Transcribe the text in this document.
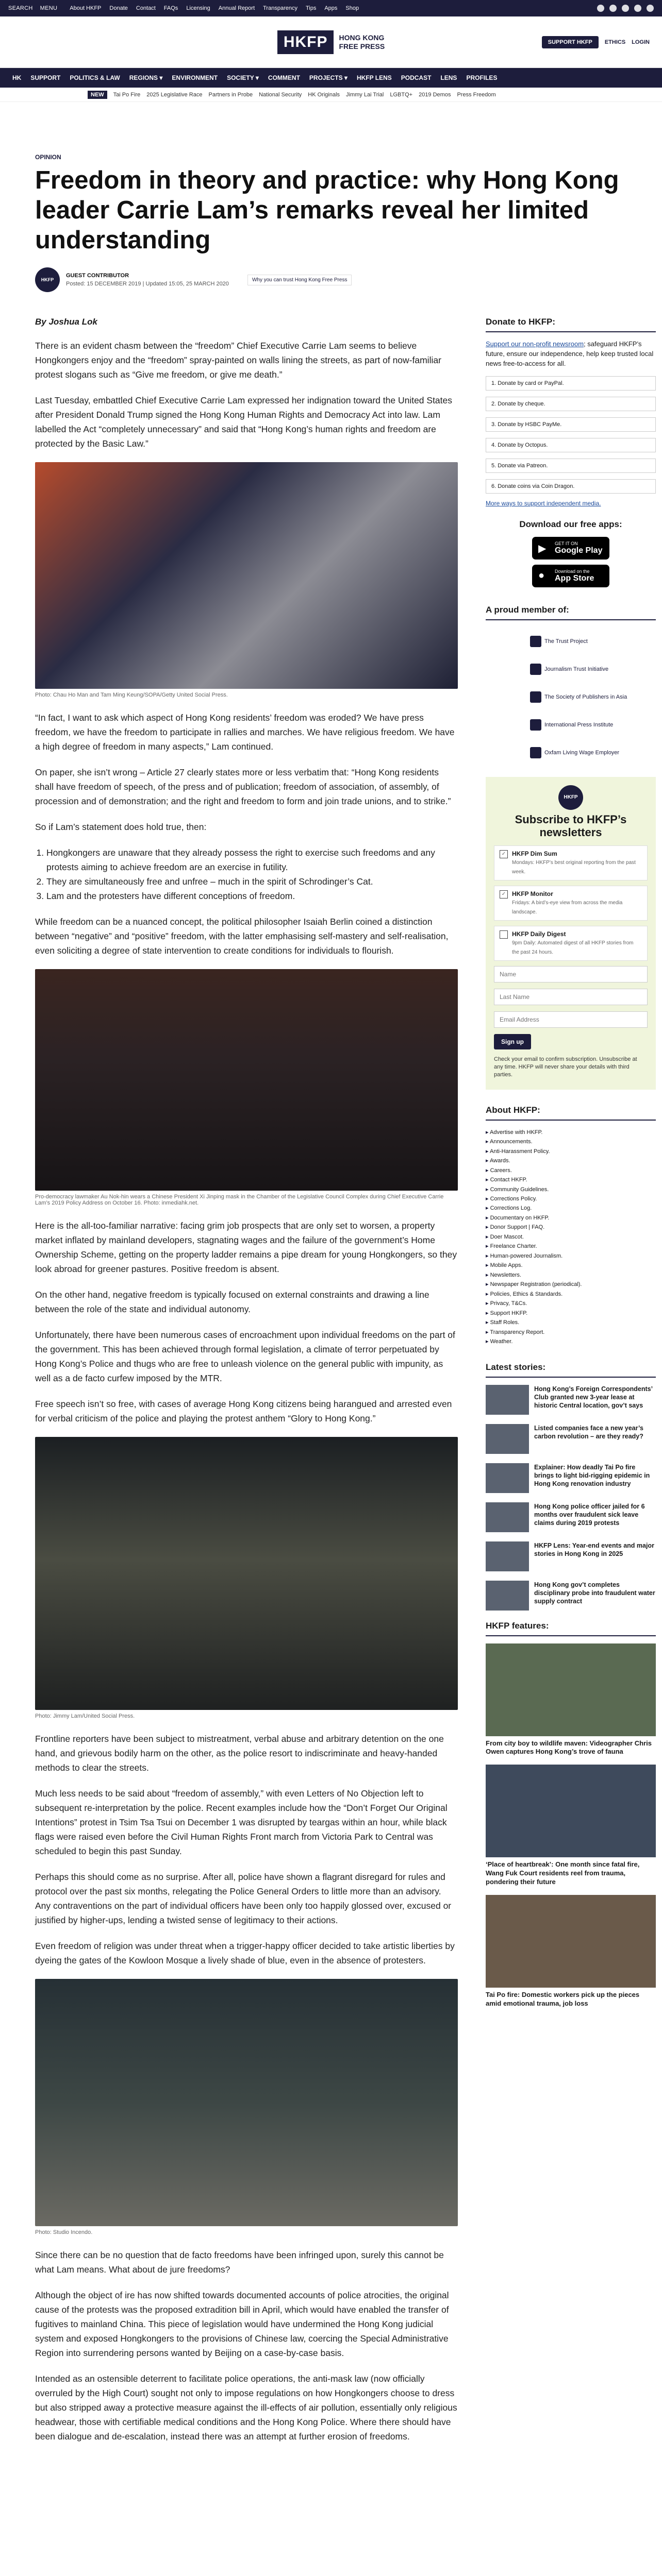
SEARCH MENU About HKFP Donate Contact FAQs Licensing Annual Report Transparency Tips Apps Shop
HKFP	HONG KONG
FREE PRESS	SUPPORT HKFP	ETHICS LOGIN
HK SUPPORT POLITICS & LAW REGIONS ▾ ENVIRONMENT SOCIETY ▾ COMMENT PROJECTS ▾ HKFP LENS PODCAST LENS PROFILES
NEW	Tai Po Fire 2025 Legislative Race Partners in Probe National Security HK Originals Jimmy Lai Trial LGBTQ+ 2019 Demos Press Freedom
OPINION
Freedom in theory and practice: why Hong Kong leader Carrie Lam’s remarks reveal her limited understanding
HKFP
GUEST CONTRIBUTOR
Posted: 15 DECEMBER 2019 | Updated 15:05, 25 MARCH 2020
Why you can trust Hong Kong Free Press
By Joshua Lok

There is an evident chasm between the “freedom” Chief Executive Carrie Lam seems to believe Hongkongers enjoy and the “freedom” spray-painted on walls lining the streets, as part of now-familiar protest slogans such as “Give me freedom, or give me death.”

Last Tuesday, embattled Chief Executive Carrie Lam expressed her indignation toward the United States after President Donald Trump signed the Hong Kong Human Rights and Democracy Act into law. Lam labelled the Act “completely unnecessary” and said that “Hong Kong’s human rights and freedom are protected by the Basic Law.”

Photo: Chau Ho Man and Tam Ming Keung/SOPA/Getty United Social Press.

“In fact, I want to ask which aspect of Hong Kong residents’ freedom was eroded? We have press freedom, we have the freedom to participate in rallies and marches. We have religious freedom. We have a high degree of freedom in many aspects,” Lam continued.

On paper, she isn’t wrong – Article 27 clearly states more or less verbatim that: “Hong Kong residents shall have freedom of speech, of the press and of publication; freedom of association, of assembly, of procession and of demonstration; and the right and freedom to form and join trade unions, and to strike.”

So if Lam’s statement does hold true, then:

1. Hongkongers are unaware that they already possess the right to exercise such freedoms and any protests aiming to achieve freedom are an exercise in futility.
2. They are simultaneously free and unfree – much in the spirit of Schrodinger’s Cat.
3. Lam and the protesters have different conceptions of freedom.

While freedom can be a nuanced concept, the political philosopher Isaiah Berlin coined a distinction between “negative” and “positive” freedom, with the latter emphasising self-mastery and self-realisation, even soliciting a degree of state intervention to create conditions for individuals to flourish.

Pro-democracy lawmaker Au Nok-hin wears a Chinese President Xi Jinping mask in the Chamber of the Legislative Council Complex during Chief Executive Carrie Lam’s 2019 Policy Address on October 16. Photo: inmediahk.net.

Here is the all-too-familiar narrative: facing grim job prospects that are only set to worsen, a property market inflated by mainland developers, stagnating wages and the failure of the government’s Home Ownership Scheme, getting on the property ladder remains a pipe dream for young Hongkongers, so they look abroad for greener pastures. Positive freedom is absent.

On the other hand, negative freedom is typically focused on external constraints and drawing a line between the role of the state and individual autonomy.

Unfortunately, there have been numerous cases of encroachment upon individual freedoms on the part of the government. This has been achieved through formal legislation, a climate of terror perpetuated by Hong Kong’s Police and thugs who are free to unleash violence on the general public with impunity, as well as a de facto curfew imposed by the MTR.

Free speech isn’t so free, with cases of average Hong Kong citizens being harangued and arrested even for verbal criticism of the police and playing the protest anthem “Glory to Hong Kong.”

Photo: Jimmy Lam/United Social Press.

Frontline reporters have been subject to mistreatment, verbal abuse and arbitrary detention on the one hand, and grievous bodily harm on the other, as the police resort to indiscriminate and heavy-handed methods to clear the streets.

Much less needs to be said about “freedom of assembly,” with even Letters of No Objection left to subsequent re-interpretation by the police. Recent examples include how the “Don’t Forget Our Original Intentions” protest in Tsim Tsa Tsui on December 1 was disrupted by teargas within an hour, while black flags were raised even before the Civil Human Rights Front march from Victoria Park to Central was scheduled to begin this past Sunday.

Perhaps this should come as no surprise. After all, police have shown a flagrant disregard for rules and protocol over the past six months, relegating the Police General Orders to little more than an advisory. Any contraventions on the part of individual officers have been only too happily glossed over, excused or justified by higher-ups, lending a twisted sense of legitimacy to their actions.

Even freedom of religion was under threat when a trigger-happy officer decided to take artistic liberties by dyeing the gates of the Kowloon Mosque a lively shade of blue, even in the absence of protesters.

Photo: Studio Incendo.

Since there can be no question that de facto freedoms have been infringed upon, surely this cannot be what Lam means. What about de jure freedoms?

Although the object of ire has now shifted towards documented accounts of police atrocities, the original cause of the protests was the proposed extradition bill in April, which would have enabled the transfer of fugitives to mainland China. This piece of legislation would have undermined the Hong Kong judicial system and exposed Hongkongers to the provisions of Chinese law, coercing the Special Administrative Region into surrendering persons wanted by Beijing on a case-by-case basis.

Intended as an ostensible deterrent to facilitate police operations, the anti-mask law (now officially overruled by the High Court) sought not only to impose regulations on how Hongkongers choose to dress but also stripped away a protective measure against the ill-effects of air pollution, essentially only religious headwear, those with certifiable medical conditions and the Hong Kong Police. Where there should have been dialogue and de-escalation, instead there was an attempt at further erosion of freedoms.

Donate to HKFP:

Support our non-profit newsroom; safeguard HKFP’s future, ensure our independence, help keep trusted local news free-to-access for all.

1. Donate by card or PayPal.
2. Donate by cheque.
3. Donate by HSBC PayMe.
4. Donate by Octopus.
5. Donate via Patreon.
6. Donate coins via Coin Dragon.
More ways to support independent media.
Download our free apps:
▶ GET IT ON
Google Play
● Download on the
App Store
A proud member of:
The Trust Project
Journalism Trust Initiative
The Society of Publishers in Asia
International Press Institute
Oxfam Living Wage Employer
HKFP
Subscribe to HKFP’s newsletters
✓ HKFP Dim Sum
Mondays: HKFP’s best original reporting from the past week.
✓ HKFP Monitor
Fridays: A bird’s-eye view from across the media landscape.
HKFP Daily Digest
9pm Daily: Automated digest of all HKFP stories from the past 24 hours.
Name Last Name Email Address Sign up
Check your email to confirm subscription. Unsubscribe at any time. HKFP will never share your details with third parties.
About HKFP:
▸ Advertise with HKFP.
▸ Announcements.
▸ Anti-Harassment Policy.
▸ Awards.
▸ Careers.
▸ Contact HKFP.
▸ Community Guidelines.
▸ Corrections Policy.
▸ Corrections Log.
▸ Documentary on HKFP.
▸ Donor Support | FAQ.
▸ Doer Mascot.
▸ Freelance Charter.
▸ Human-powered Journalism.
▸ Mobile Apps.
▸ Newsletters.
▸ Newspaper Registration (periodical).
▸ Policies, Ethics & Standards.
▸ Privacy, T&Cs.
▸ Support HKFP.
▸ Staff Roles.
▸ Transparency Report.
▸ Weather.
Latest stories:
Hong Kong’s Foreign Correspondents’ Club granted new 3-year lease at historic Central location, gov’t says
Listed companies face a new year’s carbon revolution – are they ready?
Explainer: How deadly Tai Po fire brings to light bid-rigging epidemic in Hong Kong renovation industry
Hong Kong police officer jailed for 6 months over fraudulent sick leave claims during 2019 protests
HKFP Lens: Year-end events and major stories in Hong Kong in 2025
Hong Kong gov’t completes disciplinary probe into fraudulent water supply contract
HKFP features:
From city boy to wildlife maven: Videographer Chris Owen captures Hong Kong’s trove of fauna
‘Place of heartbreak’: One month since fatal fire, Wang Fuk Court residents reel from trauma, pondering their future
Tai Po fire: Domestic workers pick up the pieces amid emotional trauma, job loss
